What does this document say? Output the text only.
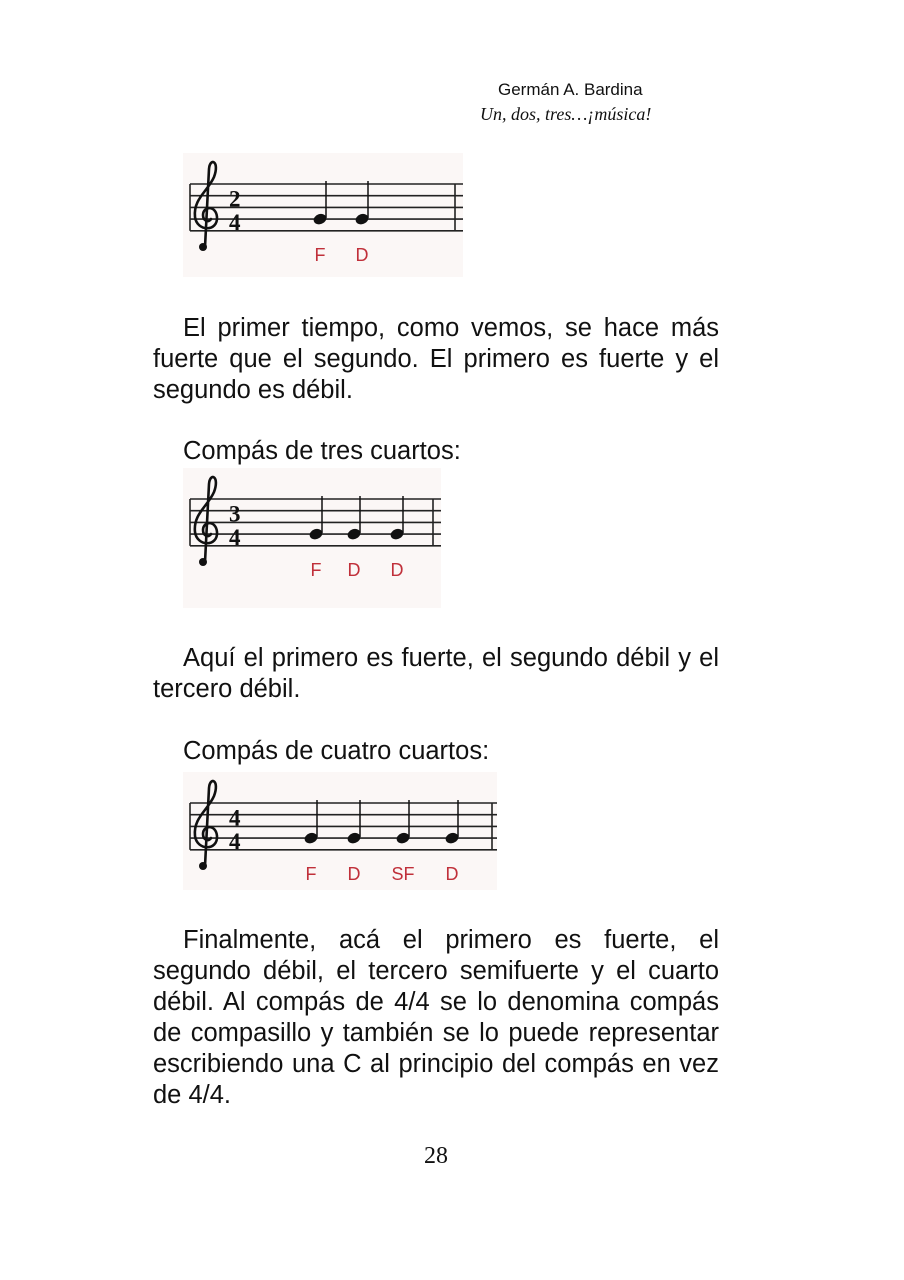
Germán A. Bardina
Un, dos, tres…¡música!
2
4
F D

El primer tiempo, como vemos, se hace más fuerte que el segundo. El primero es fuerte y el segundo es débil.

Compás de tres cuartos:

3
4
F D D

Aquí el primero es fuerte, el segundo débil y el tercero débil.

Compás de cuatro cuartos:

4
4
F D SF D

Finalmente, acá el primero es fuerte, el segundo débil, el tercero semifuerte y el cuarto débil. Al compás de 4/4 se lo denomina compás de compasillo y también se lo puede representar escribiendo una C al principio del compás en vez de 4/4.

28
